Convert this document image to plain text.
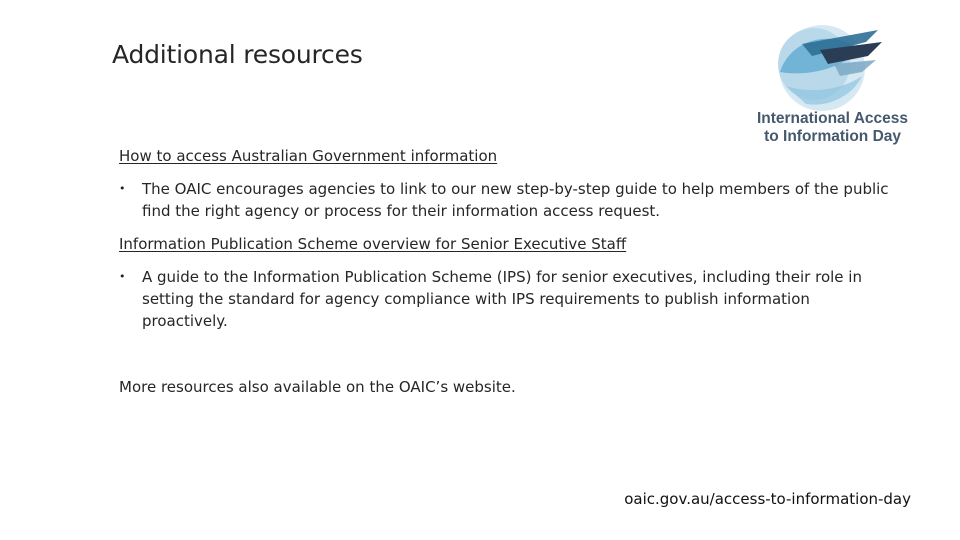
Additional resources
International Access
to Information Day
How to access Australian Government information
• The OAIC encourages agencies to link to our new step-by-step guide to help members of the public find the right agency or process for their information access request.
Information Publication Scheme overview for Senior Executive Staff
• A guide to the Information Publication Scheme (IPS) for senior executives, including their role in setting the standard for agency compliance with IPS requirements to publish information proactively.
More resources also available on the OAIC’s website.
oaic.gov.au/access-to-information-day
